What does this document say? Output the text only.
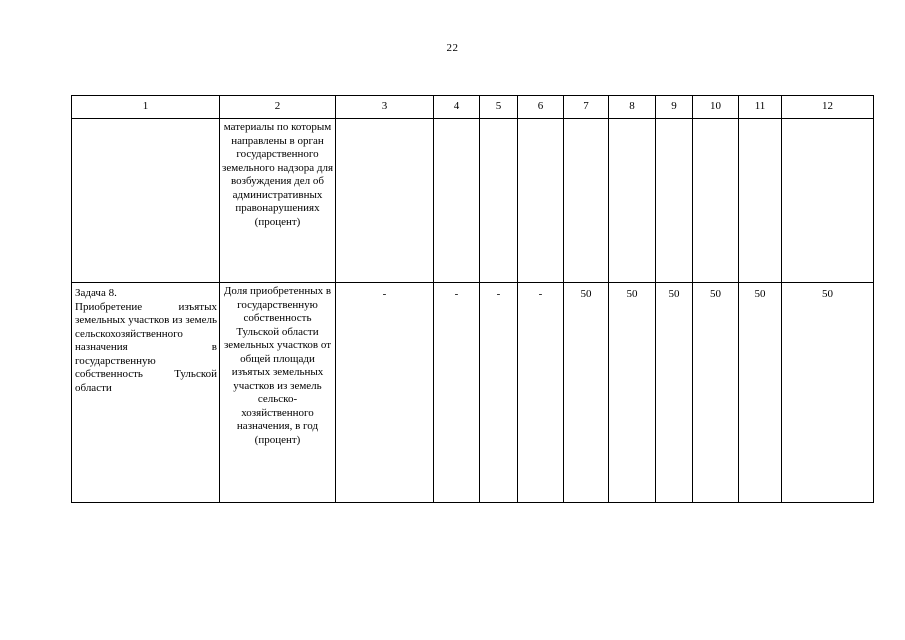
22
1	2	3	4	5	6	7	8	9	10	11	12
	материалы по которым направлены в орган государственного земельного надзора для возбуждения дел об административных правонарушениях (процент)										

Задача 8.
Приобретение изъятых земельных участков из земель сельскохозяйственного назначения в государственную собственность Тульской области	Доля приобретенных в государственную собственность Тульской области земельных участков от общей площади изъятых земельных участков из земель сельско-хозяйственного назначения, в год (процент)	-	-	-	-	50	50	50	50	50	50
